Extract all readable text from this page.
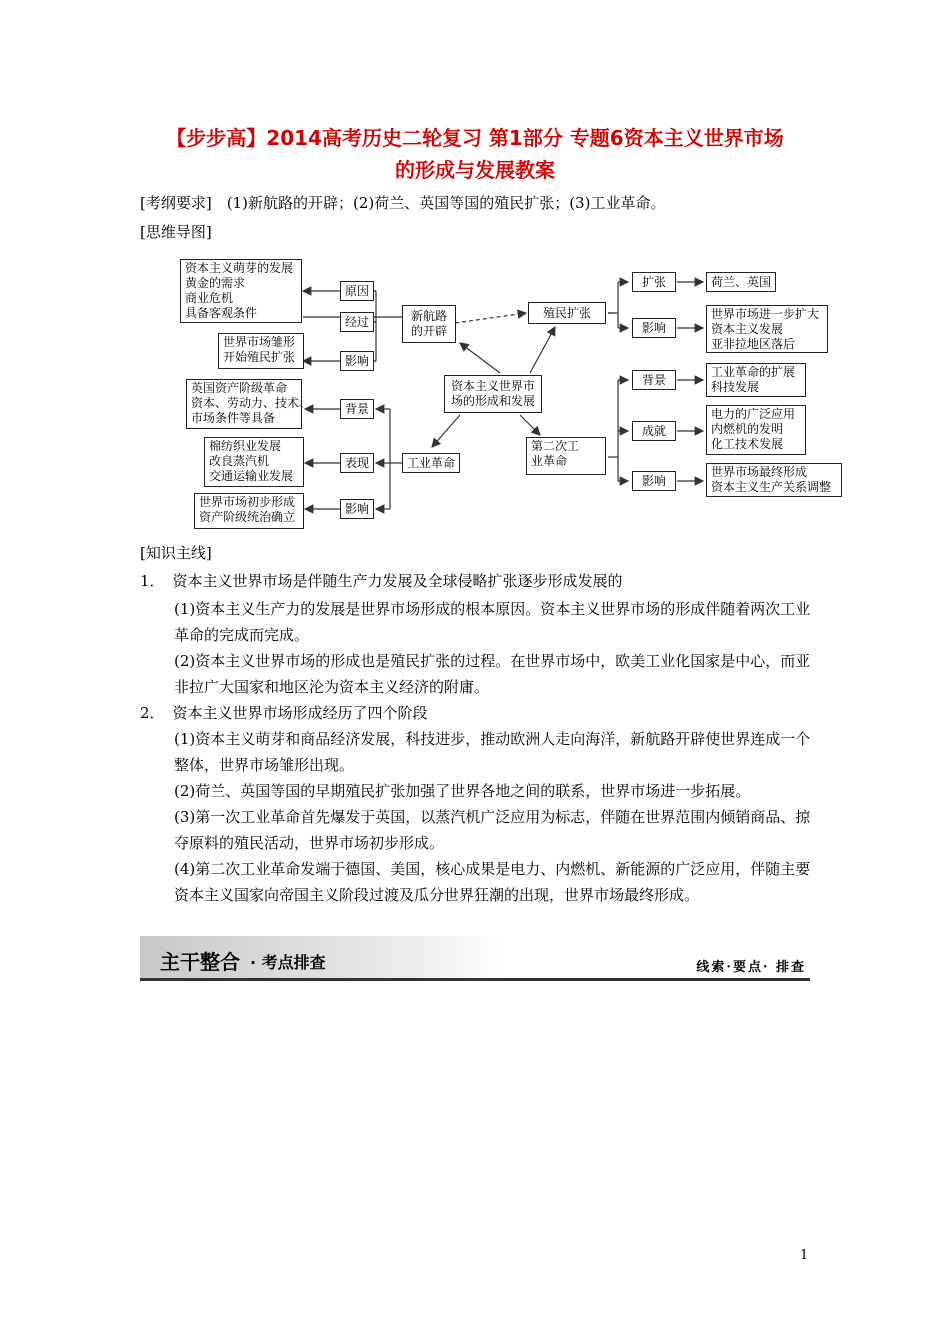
【步步高】2014高考历史二轮复习 第1部分 专题6资本主义世界市场
的形成与发展教案
[考纲要求]　(1)新航路的开辟；(2)荷兰、英国等国的殖民扩张；(3)工业革命。
[思维导图]
资本主义萌芽的发展
黄金的需求
商业危机
具备客观条件
原因
经过
影响
世界市场雏形
开始殖民扩张
新航路
的开辟
殖民扩张
扩张	荷兰、英国
影响
世界市场进一步扩大
资本主义发展
亚非拉地区落后
资本主义世界市
场的形成和发展
英国资产阶级革命
资本、劳动力、技术、
市场条件等具备
背景
棉纺织业发展
改良蒸汽机
交通运输业发展
表现	工业革命
世界市场初步形成
资产阶级统治确立
影响
第二次工
业革命
背景
工业革命的扩展
科技发展
成就
电力的广泛应用
内燃机的发明
化工技术发展
影响
世界市场最终形成
资本主义生产关系调整
[知识主线]
1． 资本主义世界市场是伴随生产力发展及全球侵略扩张逐步形成发展的
(1)资本主义生产力的发展是世界市场形成的根本原因。资本主义世界市场的形成伴随着两次工业革命的完成而完成。
(2)资本主义世界市场的形成也是殖民扩张的过程。在世界市场中，欧美工业化国家是中心，而亚非拉广大国家和地区沦为资本主义经济的附庸。
2． 资本主义世界市场形成经历了四个阶段
(1)资本主义萌芽和商品经济发展，科技进步，推动欧洲人走向海洋，新航路开辟使世界连成一个整体，世界市场雏形出现。
(2)荷兰、英国等国的早期殖民扩张加强了世界各地之间的联系，世界市场进一步拓展。
(3)第一次工业革命首先爆发于英国，以蒸汽机广泛应用为标志，伴随在世界范围内倾销商品、掠夺原料的殖民活动，世界市场初步形成。
(4)第二次工业革命发端于德国、美国，核心成果是电力、内燃机、新能源的广泛应用，伴随主要资本主义国家向帝国主义阶段过渡及瓜分世界狂潮的出现，世界市场最终形成。
主干整合 · 考点排查	线索·要点· 排查
1
